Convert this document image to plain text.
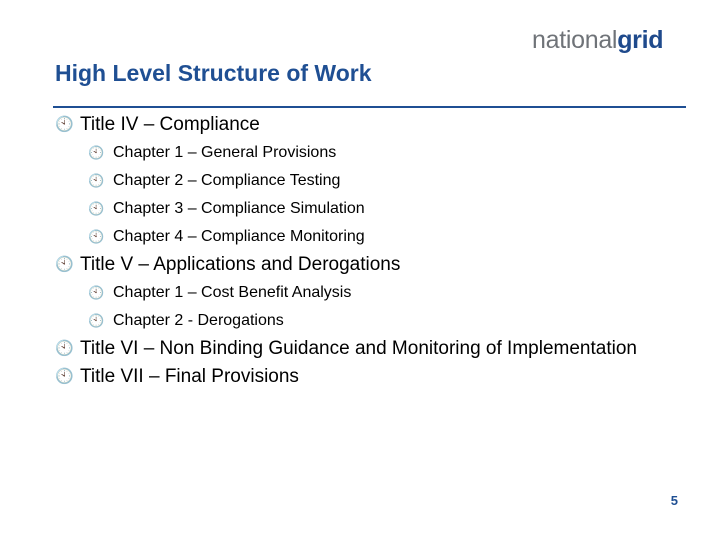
nationalgrid
High Level Structure of Work
🕙 Title IV – Compliance
🕙 Chapter 1 – General Provisions
🕙 Chapter 2 – Compliance Testing
🕙 Chapter 3 – Compliance Simulation
🕙 Chapter 4 – Compliance Monitoring
🕙 Title V – Applications and Derogations
🕙 Chapter 1 – Cost Benefit Analysis
🕙 Chapter 2 - Derogations
🕙 Title VI – Non Binding Guidance and Monitoring of Implementation
🕙 Title VII – Final Provisions
5
